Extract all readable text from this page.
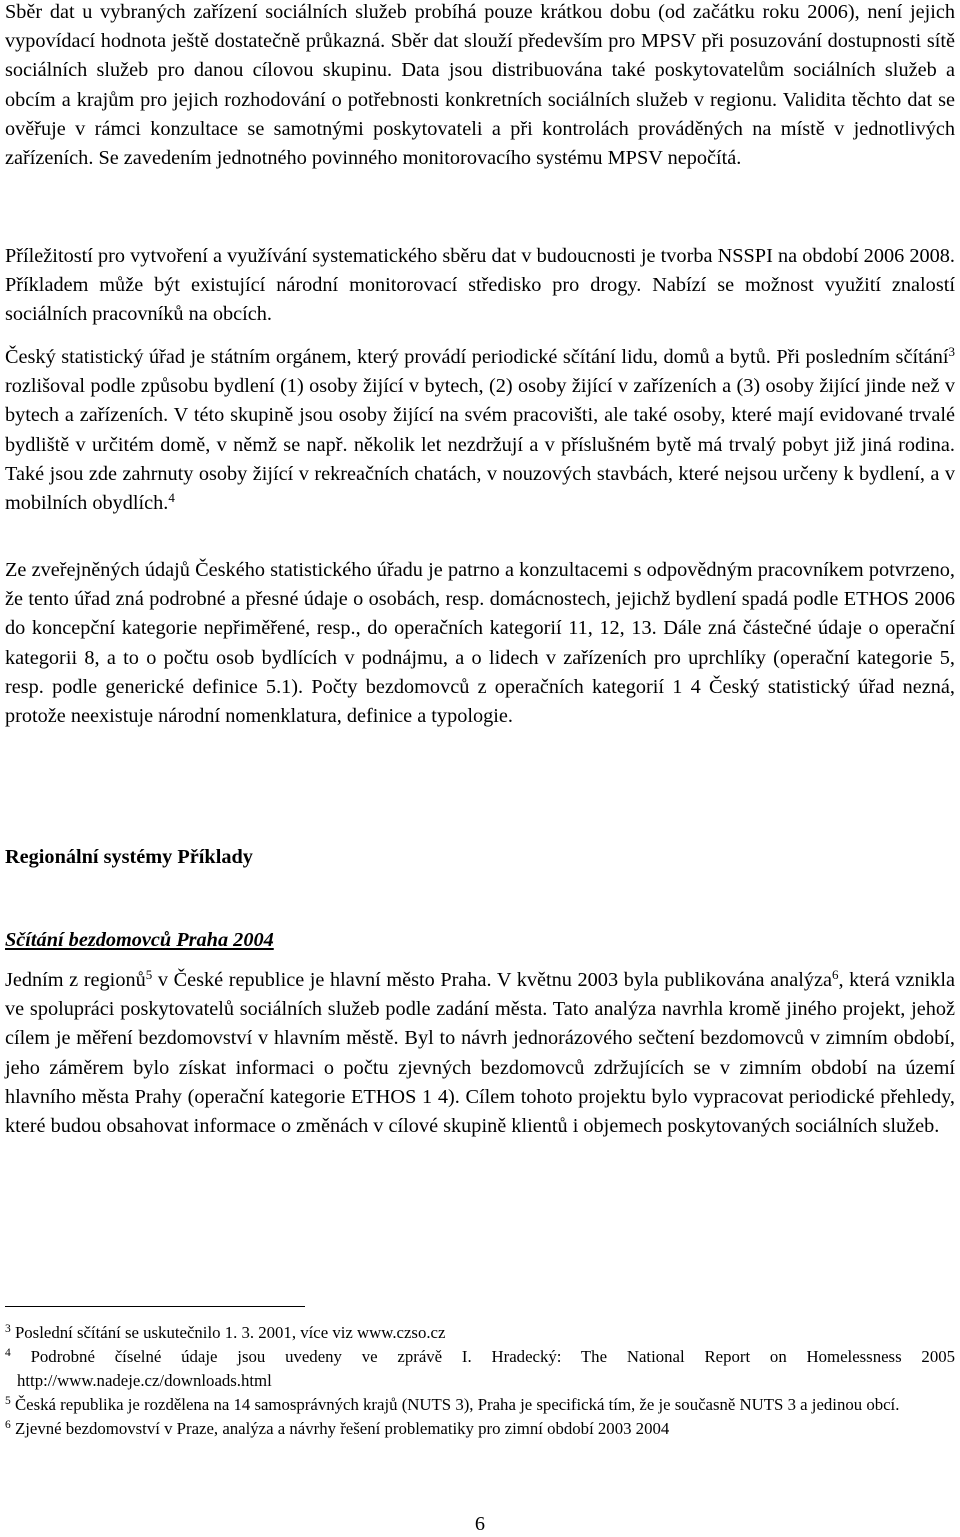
Sběr dat u vybraných zařízení sociálních služeb probíhá pouze krátkou dobu (od začátku roku 2006), není jejich vypovídací hodnota ještě dostatečně průkazná. Sběr dat slouží především pro MPSV při posuzování dostupnosti sítě sociálních služeb pro danou cílovou skupinu. Data jsou distribuována také poskytovatelům sociálních služeb a obcím a krajům pro jejich rozhodování o potřebnosti konkretních sociálních služeb v regionu. Validita těchto dat se ověřuje v rámci konzultace se samotnými poskytovateli a při kontrolách prováděných na místě v jednotlivých zařízeních. Se zavedením jednotného povinného monitorovacího systému MPSV nepočítá.

Příležitostí pro vytvoření a využívání systematického sběru dat v budoucnosti je tvorba NSSPI na období 2006 2008. Příkladem může být existující národní monitorovací středisko pro drogy. Nabízí se možnost využití znalostí sociálních pracovníků na obcích.

Český statistický úřad je státním orgánem, který provádí periodické sčítání lidu, domů a bytů. Při posledním sčítání$^3$ rozlišoval podle způsobu bydlení (1) osoby žijící v bytech, (2) osoby žijící v zařízeních a (3) osoby žijící jinde než v bytech a zařízeních. V této skupině jsou osoby žijící na svém pracovišti, ale také osoby, které mají evidované trvalé bydliště v určitém domě, v němž se např. několik let nezdržují a v příslušném bytě má trvalý pobyt již jiná rodina. Také jsou zde zahrnuty osoby žijící v rekreačních chatách, v nouzových stavbách, které nejsou určeny k bydlení, a v mobilních obydlích.$^4$

Ze zveřejněných údajů Českého statistického úřadu je patrno a konzultacemi s odpovědným pracovníkem potvrzeno, že tento úřad zná podrobné a přesné údaje o osobách, resp. domácnostech, jejichž bydlení spadá podle ETHOS 2006 do koncepční kategorie nepřiměřené, resp., do operačních kategorií 11, 12, 13. Dále zná částečné údaje o operační kategorii 8, a to o počtu osob bydlících v podnájmu, a o lidech v zařízeních pro uprchlíky (operační kategorie 5, resp. podle generické definice 5.1). Počty bezdomovců z operačních kategorií 1 4 Český statistický úřad nezná, protože neexistuje národní nomenklatura, definice a typologie.

Regionální systémy Příklady
Sčítání bezdomovců Praha 2004

Jedním z regionů$^5$ v České republice je hlavní město Praha. V květnu 2003 byla publikována analýza$^6$, která vznikla ve spolupráci poskytovatelů sociálních služeb podle zadání města. Tato analýza navrhla kromě jiného projekt, jehož cílem je měření bezdomovství v hlavním městě. Byl to návrh jednorázového sečtení bezdomovců v zimním období, jeho záměrem bylo získat informaci o počtu zjevných bezdomovců zdržujících se v zimním období na území hlavního města Prahy (operační kategorie ETHOS 1 4). Cílem tohoto projektu bylo vypracovat periodické přehledy, které budou obsahovat informace o změnách v cílové skupině klientů i objemech poskytovaných sociálních služeb.

$^3$ Poslední sčítání se uskutečnilo 1. 3. 2001, více viz www.czso.cz
$^4$ Podrobné číselné údaje jsou uvedeny ve zprávě I. Hradecký: The National Report on Homelessness 2005 http://www.nadeje.cz/downloads.html
$^5$ Česká republika je rozdělena na 14 samosprávných krajů (NUTS 3), Praha je specifická tím, že je současně NUTS 3 a jedinou obcí.
$^6$ Zjevné bezdomovství v Praze, analýza a návrhy řešení problematiky pro zimní období 2003 2004
6
